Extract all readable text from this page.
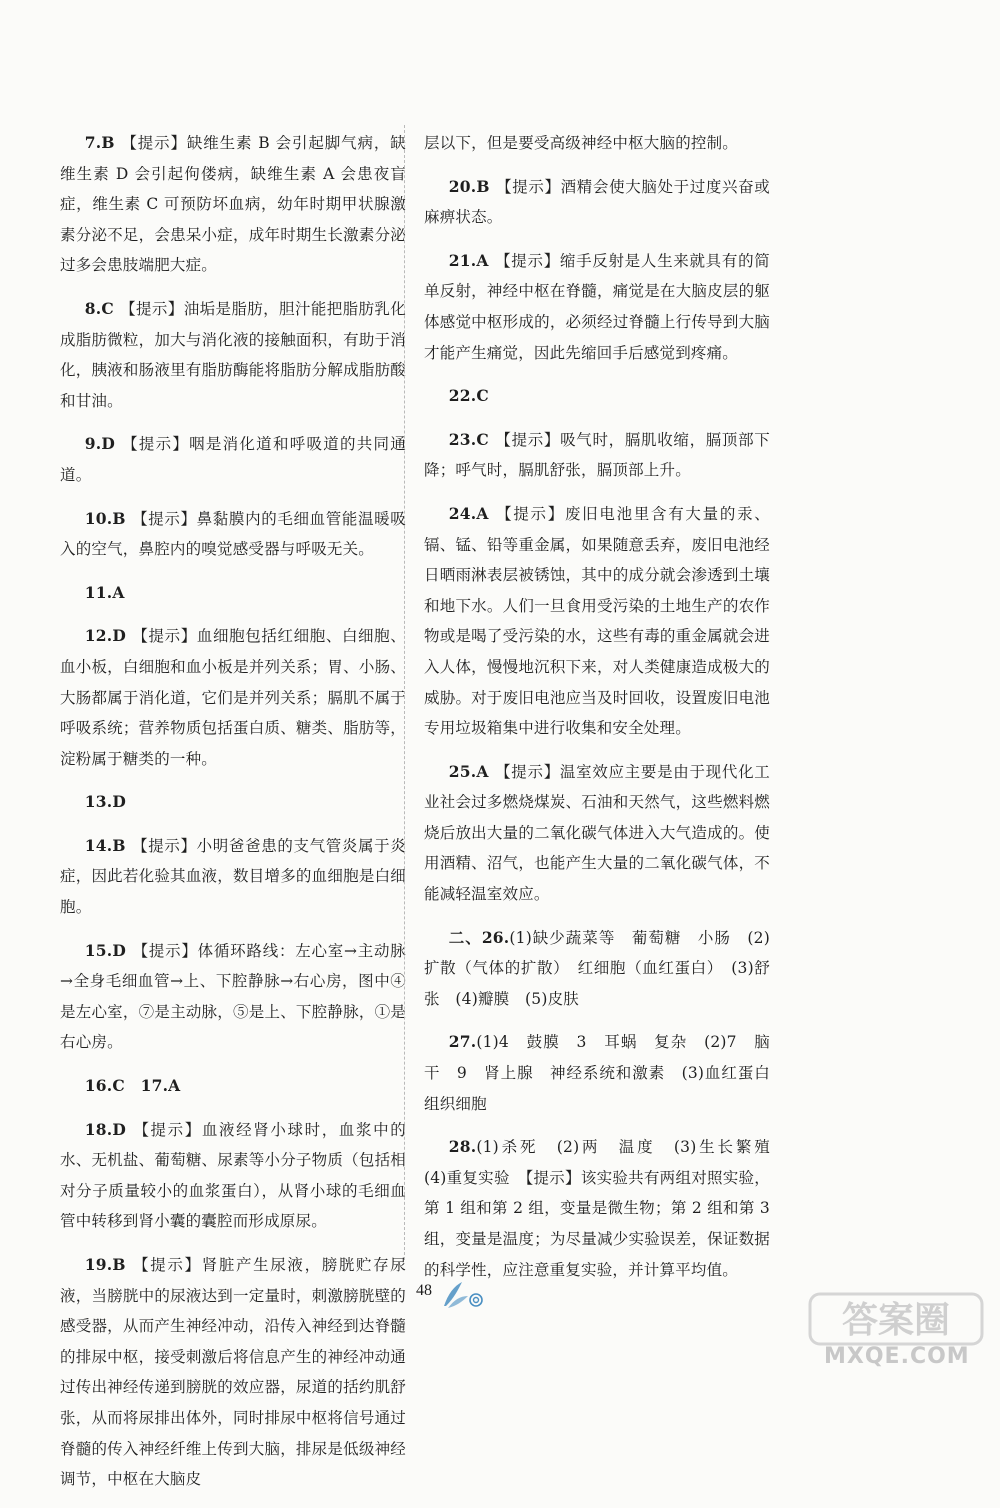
7.B 【提示】缺维生素 B 会引起脚气病，缺维生素 D 会引起佝偻病，缺维生素 A 会患夜盲症，维生素 C 可预防坏血病，幼年时期甲状腺激素分泌不足，会患呆小症，成年时期生长激素分泌过多会患肢端肥大症。

8.C 【提示】油垢是脂肪，胆汁能把脂肪乳化成脂肪微粒，加大与消化液的接触面积，有助于消化，胰液和肠液里有脂肪酶能将脂肪分解成脂肪酸和甘油。

9.D 【提示】咽是消化道和呼吸道的共同通道。

10.B 【提示】鼻黏膜内的毛细血管能温暖吸入的空气，鼻腔内的嗅觉感受器与呼吸无关。

11.A

12.D 【提示】血细胞包括红细胞、白细胞、血小板，白细胞和血小板是并列关系；胃、小肠、大肠都属于消化道，它们是并列关系；膈肌不属于呼吸系统；营养物质包括蛋白质、糖类、脂肪等，淀粉属于糖类的一种。

13.D

14.B 【提示】小明爸爸患的支气管炎属于炎症，因此若化验其血液，数目增多的血细胞是白细胞。

15.D 【提示】体循环路线：左心室→主动脉→全身毛细血管→上、下腔静脉→右心房，图中④是左心室，⑦是主动脉，⑤是上、下腔静脉，①是右心房。

16.C　17.A

18.D 【提示】血液经肾小球时，血浆中的水、无机盐、葡萄糖、尿素等小分子物质（包括相对分子质量较小的血浆蛋白），从肾小球的毛细血管中转移到肾小囊的囊腔而形成原尿。

19.B 【提示】肾脏产生尿液，膀胱贮存尿液，当膀胱中的尿液达到一定量时，刺激膀胱壁的感受器，从而产生神经冲动，沿传入神经到达脊髓的排尿中枢，接受刺激后将信息产生的神经冲动通过传出神经传递到膀胱的效应器，尿道的括约肌舒张，从而将尿排出体外，同时排尿中枢将信号通过脊髓的传入神经纤维上传到大脑，排尿是低级神经调节，中枢在大脑皮

层以下，但是要受高级神经中枢大脑的控制。

20.B 【提示】酒精会使大脑处于过度兴奋或麻痹状态。

21.A 【提示】缩手反射是人生来就具有的简单反射，神经中枢在脊髓，痛觉是在大脑皮层的躯体感觉中枢形成的，必须经过脊髓上行传导到大脑才能产生痛觉，因此先缩回手后感觉到疼痛。

22.C

23.C 【提示】吸气时，膈肌收缩，膈顶部下降；呼气时，膈肌舒张，膈顶部上升。

24.A 【提示】废旧电池里含有大量的汞、镉、锰、铅等重金属，如果随意丢弃，废旧电池经日晒雨淋表层被锈蚀，其中的成分就会渗透到土壤和地下水。人们一旦食用受污染的土地生产的农作物或是喝了受污染的水，这些有毒的重金属就会进入人体，慢慢地沉积下来，对人类健康造成极大的威胁。对于废旧电池应当及时回收，设置废旧电池专用垃圾箱集中进行收集和安全处理。

25.A 【提示】温室效应主要是由于现代化工业社会过多燃烧煤炭、石油和天然气，这些燃料燃烧后放出大量的二氧化碳气体进入大气造成的。使用酒精、沼气，也能产生大量的二氧化碳气体，不能减轻温室效应。

二、26.(1)缺少蔬菜等　葡萄糖　小肠　(2)扩散（气体的扩散）　红细胞（血红蛋白）　(3)舒张　(4)瓣膜　(5)皮肤

27.(1)4　鼓膜　3　耳蜗　复杂　(2)7　脑干　9　肾上腺　神经系统和激素　(3)血红蛋白　组织细胞

28.(1)杀死　(2)两　温度　(3)生长繁殖　(4)重复实验　【提示】该实验共有两组对照实验，第 1 组和第 2 组，变量是微生物；第 2 组和第 3 组，变量是温度；为尽量减少实验误差，保证数据的科学性，应注意重复实验，并计算平均值。

48
答案圈
MXQE.COM
